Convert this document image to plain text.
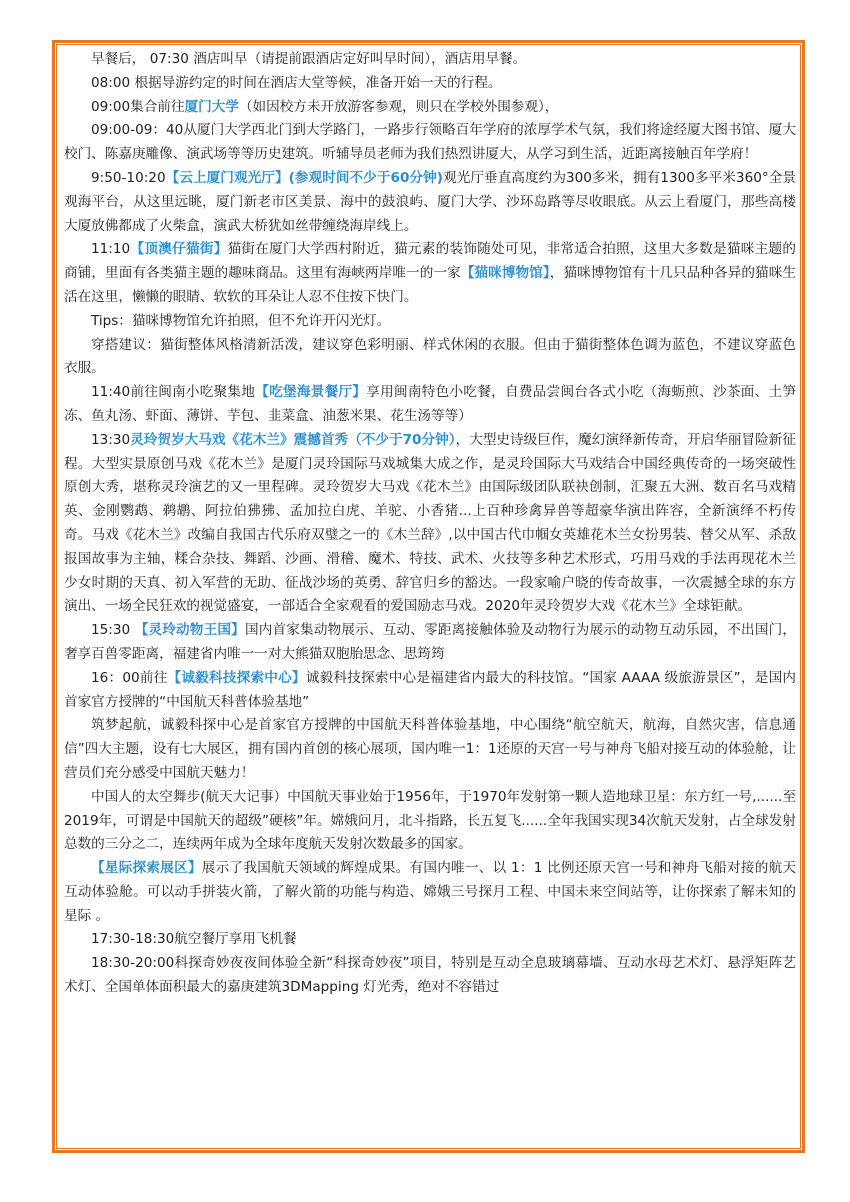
早餐后， 07:30 酒店叫早（请提前跟酒店定好叫早时间），酒店用早餐。

08:00 根据导游约定的时间在酒店大堂等候，准备开始一天的行程。

09:00集合前往厦门大学（如因校方未开放游客参观，则只在学校外围参观），

09:00-09：40从厦门大学西北门到大学路门，一路步行领略百年学府的浓厚学术气氛，我们将途经厦大图书馆、厦大校门、陈嘉庚雕像、演武场等等历史建筑。听辅导员老师为我们热烈讲厦大，从学习到生活，近距离接触百年学府！

9:50-10:20【云上厦门观光厅】(参观时间不少于60分钟)观光厅垂直高度约为300多米，拥有1300多平米360°全景观海平台，从这里远眺，厦门新老市区美景、海中的鼓浪屿、厦门大学、沙环岛路等尽收眼底。从云上看厦门，那些高楼大厦放佛都成了火柴盒，演武大桥犹如丝带缠绕海岸线上。

11:10【顶澳仔猫街】猫街在厦门大学西村附近，猫元素的装饰随处可见，非常适合拍照，这里大多数是猫咪主题的商铺，里面有各类猫主题的趣味商品。这里有海峡两岸唯一的一家【猫咪博物馆】，猫咪博物馆有十几只品种各异的猫咪生活在这里，懒懒的眼睛、软软的耳朵让人忍不住按下快门。

Tips：猫咪博物馆允许拍照，但不允许开闪光灯。

穿搭建议：猫街整体风格清新活泼，建议穿色彩明丽、样式休闲的衣服。但由于猫街整体色调为蓝色，不建议穿蓝色衣服。

11:40前往闽南小吃聚集地【吃堡海景餐厅】享用闽南特色小吃餐，自费品尝闽台各式小吃（海蛎煎、沙茶面、土笋冻、鱼丸汤、虾面、薄饼、芋包、韭菜盒、油葱米果、花生汤等等）

13:30灵玲贺岁大马戏《花木兰》震撼首秀（不少于70分钟），大型史诗级巨作，魔幻演绎新传奇，开启华丽冒险新征程。大型实景原创马戏《花木兰》是厦门灵玲国际马戏城集大成之作，是灵玲国际大马戏结合中国经典传奇的一场突破性原创大秀，堪称灵玲演艺的又一里程碑。灵玲贺岁大马戏《花木兰》由国际级团队联袂创制，汇聚五大洲、数百名马戏精英、金刚鹦鹉、鹈鹕、阿拉伯狒狒、孟加拉白虎、羊驼、小香猪...上百种珍禽异兽等超豪华演出阵容，全新演绎不朽传奇。马戏《花木兰》改编自我国古代乐府双璧之一的《木兰辞》,以中国古代巾帼女英雄花木兰女扮男装、替父从军、杀敌报国故事为主轴，糅合杂技、舞蹈、沙画、滑稽、魔术、特技、武术、火技等多种艺术形式，巧用马戏的手法再现花木兰少女时期的天真、初入军营的无助、征战沙场的英勇、辞官归乡的豁达。一段家喻户晓的传奇故事，一次震撼全球的东方演出、一场全民狂欢的视觉盛宴，一部适合全家观看的爱国励志马戏。2020年灵玲贺岁大戏《花木兰》全球钜献。

15:30 【灵玲动物王国】国内首家集动物展示、互动、零距离接触体验及动物行为展示的动物互动乐园，不出国门，奢享百兽零距离，福建省内唯一一对大熊猫双胞胎思念、思筠筠

16：00前往【诚毅科技探索中心】诚毅科技探索中心是福建省内最大的科技馆。“国家 AAAA 级旅游景区”，是国内首家官方授牌的“中国航天科普体验基地”

筑梦起航，诚毅科探中心是首家官方授牌的中国航天科普体验基地，中心围绕“航空航天，航海，自然灾害，信息通信”四大主题，设有七大展区，拥有国内首创的核心展项，国内唯一1：1还原的天宫一号与神舟飞船对接互动的体验舱，让营员们充分感受中国航天魅力！

中国人的太空舞步(航天大记事）中国航天事业始于1956年，于1970年发射第一颗人造地球卫星：东方红一号,......至2019年，可谓是中国航天的超级”硬核”年。嫦娥问月，北斗指路，长五复飞......全年我国实现34次航天发射，占全球发射总数的三分之二，连续两年成为全球年度航天发射次数最多的国家。

【星际探索展区】展示了我国航天领域的辉煌成果。有国内唯一、以 1：1 比例还原天宫一号和神舟飞船对接的航天互动体验舱。可以动手拼装火箭，了解火箭的功能与构造、嫦娥三号探月工程、中国未来空间站等，让你探索了解未知的星际 。

17:30-18:30航空餐厅享用飞机餐

18:30-20:00科探奇妙夜夜间体验全新“科探奇妙夜”项目，特别是互动全息玻璃幕墙、互动水母艺术灯、悬浮矩阵艺术灯、全国单体面积最大的嘉庚建筑3DMapping 灯光秀，绝对不容错过
